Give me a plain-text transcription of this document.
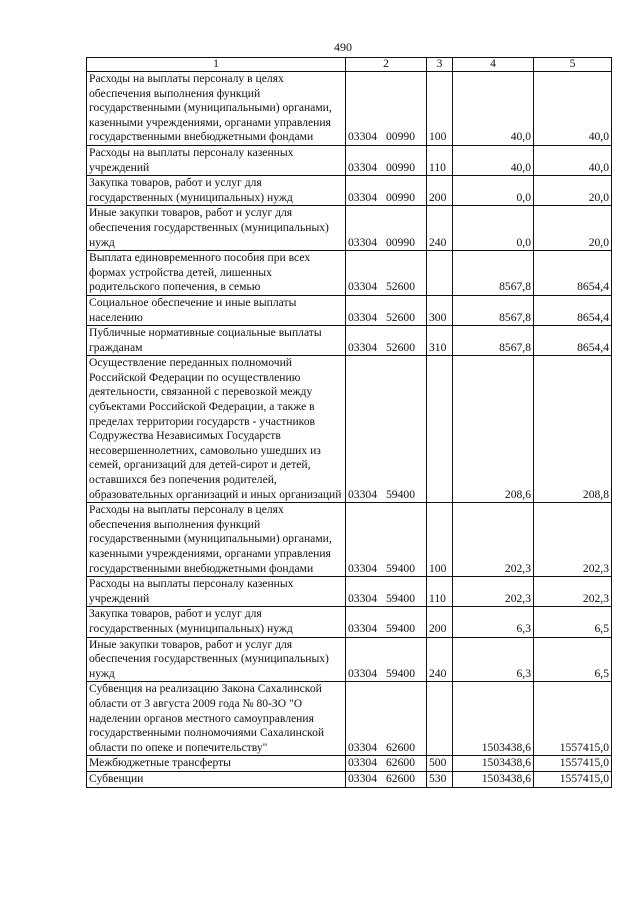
490
1	2	3	4	5
Расходы на выплаты персоналу в целях обеспечения выполнения функций государственными (муниципальными) органами, казенными учреждениями, органами управления государственными внебюджетными фондами	03304 00990	100	40,0	40,0
Расходы на выплаты персоналу казенных учреждений	03304 00990	110	40,0	40,0
Закупка товаров, работ и услуг для государственных (муниципальных) нужд	03304 00990	200	0,0	20,0
Иные закупки товаров, работ и услуг для обеспечения государственных (муниципальных) нужд	03304 00990	240	0,0	20,0
Выплата единовременного пособия при всех формах устройства детей, лишенных родительского попечения, в семью	03304 52600		8567,8	8654,4
Социальное обеспечение и иные выплаты населению	03304 52600	300	8567,8	8654,4
Публичные нормативные социальные выплаты гражданам	03304 52600	310	8567,8	8654,4
Осуществление переданных полномочий Российской Федерации по осуществлению деятельности, связанной с перевозкой между субъектами Российской Федерации, а также в пределах территории государств - участников Содружества Независимых Государств несовершеннолетних, самовольно ушедших из семей, организаций для детей-сирот и детей, оставшихся без попечения родителей, образовательных организаций и иных организаций	03304 59400		208,6	208,8
Расходы на выплаты персоналу в целях обеспечения выполнения функций государственными (муниципальными) органами, казенными учреждениями, органами управления государственными внебюджетными фондами	03304 59400	100	202,3	202,3
Расходы на выплаты персоналу казенных учреждений	03304 59400	110	202,3	202,3
Закупка товаров, работ и услуг для государственных (муниципальных) нужд	03304 59400	200	6,3	6,5
Иные закупки товаров, работ и услуг для обеспечения государственных (муниципальных) нужд	03304 59400	240	6,3	6,5
Субвенция на реализацию Закона Сахалинской области от 3 августа 2009 года № 80-ЗО "О наделении органов местного самоуправления государственными полномочиями Сахалинской области по опеке и попечительству"	03304 62600		1503438,6	1557415,0
Межбюджетные трансферты	03304 62600	500	1503438,6	1557415,0
Субвенции	03304 62600	530	1503438,6	1557415,0
